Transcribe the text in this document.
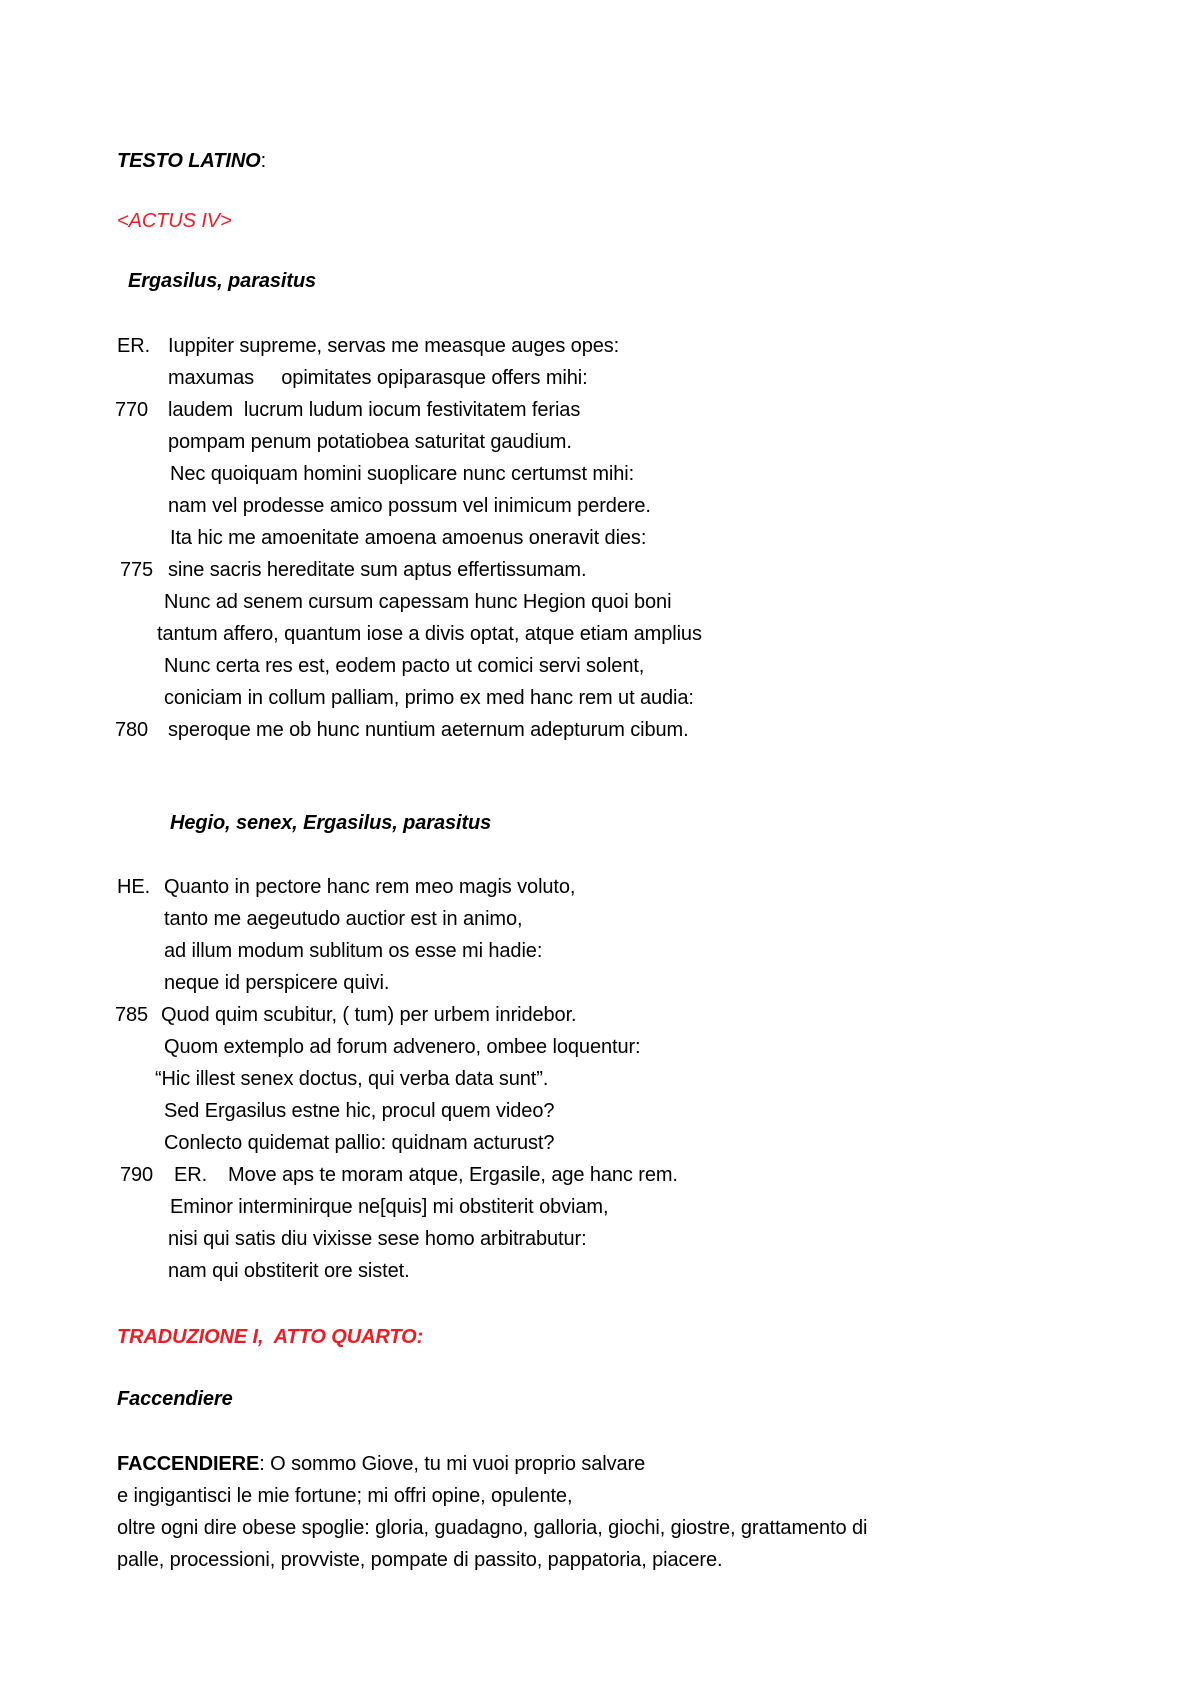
TESTO LATINO:
<ACTUS IV>
Ergasilus, parasitus
ER. Iuppiter supreme, servas me measque auges opes:
maxumas     opimitates opiparasque offers mihi:
770 laudem  lucrum ludum iocum festivitatem ferias
pompam penum potatiobea saturitat gaudium.
Nec quoiquam homini suoplicare nunc certumst mihi:
nam vel prodesse amico possum vel inimicum perdere.
Ita hic me amoenitate amoena amoenus oneravit dies:
775 sine sacris hereditate sum aptus effertissumam.
Nunc ad senem cursum capessam hunc Hegion quoi boni
tantum affero, quantum iose a divis optat, atque etiam amplius
Nunc certa res est, eodem pacto ut comici servi solent,
coniciam in collum palliam, primo ex med hanc rem ut audia:
780 speroque me ob hunc nuntium aeternum adepturum cibum.
Hegio, senex, Ergasilus, parasitus
HE. Quanto in pectore hanc rem meo magis voluto,
tanto me aegeutudo auctior est in animo,
ad illum modum sublitum os esse mi hadie:
neque id perspicere quivi.
785 Quod quim scubitur, ( tum) per urbem inridebor.
Quom extemplo ad forum advenero, ombee loquentur:
“Hic illest senex doctus, qui verba data sunt”.
Sed Ergasilus estne hic, procul quem video?
Conlecto quidemat pallio: quidnam acturust?
790 ER. Move aps te moram atque, Ergasile, age hanc rem.
Eminor interminirque ne[quis] mi obstiterit obviam,
nisi qui satis diu vixisse sese homo arbitrabutur:
nam qui obstiterit ore sistet.
TRADUZIONE I,  ATTO QUARTO:
Faccendiere
FACCENDIERE: O sommo Giove, tu mi vuoi proprio salvare
e ingigantisci le mie fortune; mi offri opine, opulente,
oltre ogni dire obese spoglie: gloria, guadagno, galloria, giochi, giostre, grattamento di
palle, processioni, provviste, pompate di passito, pappatoria, piacere.
